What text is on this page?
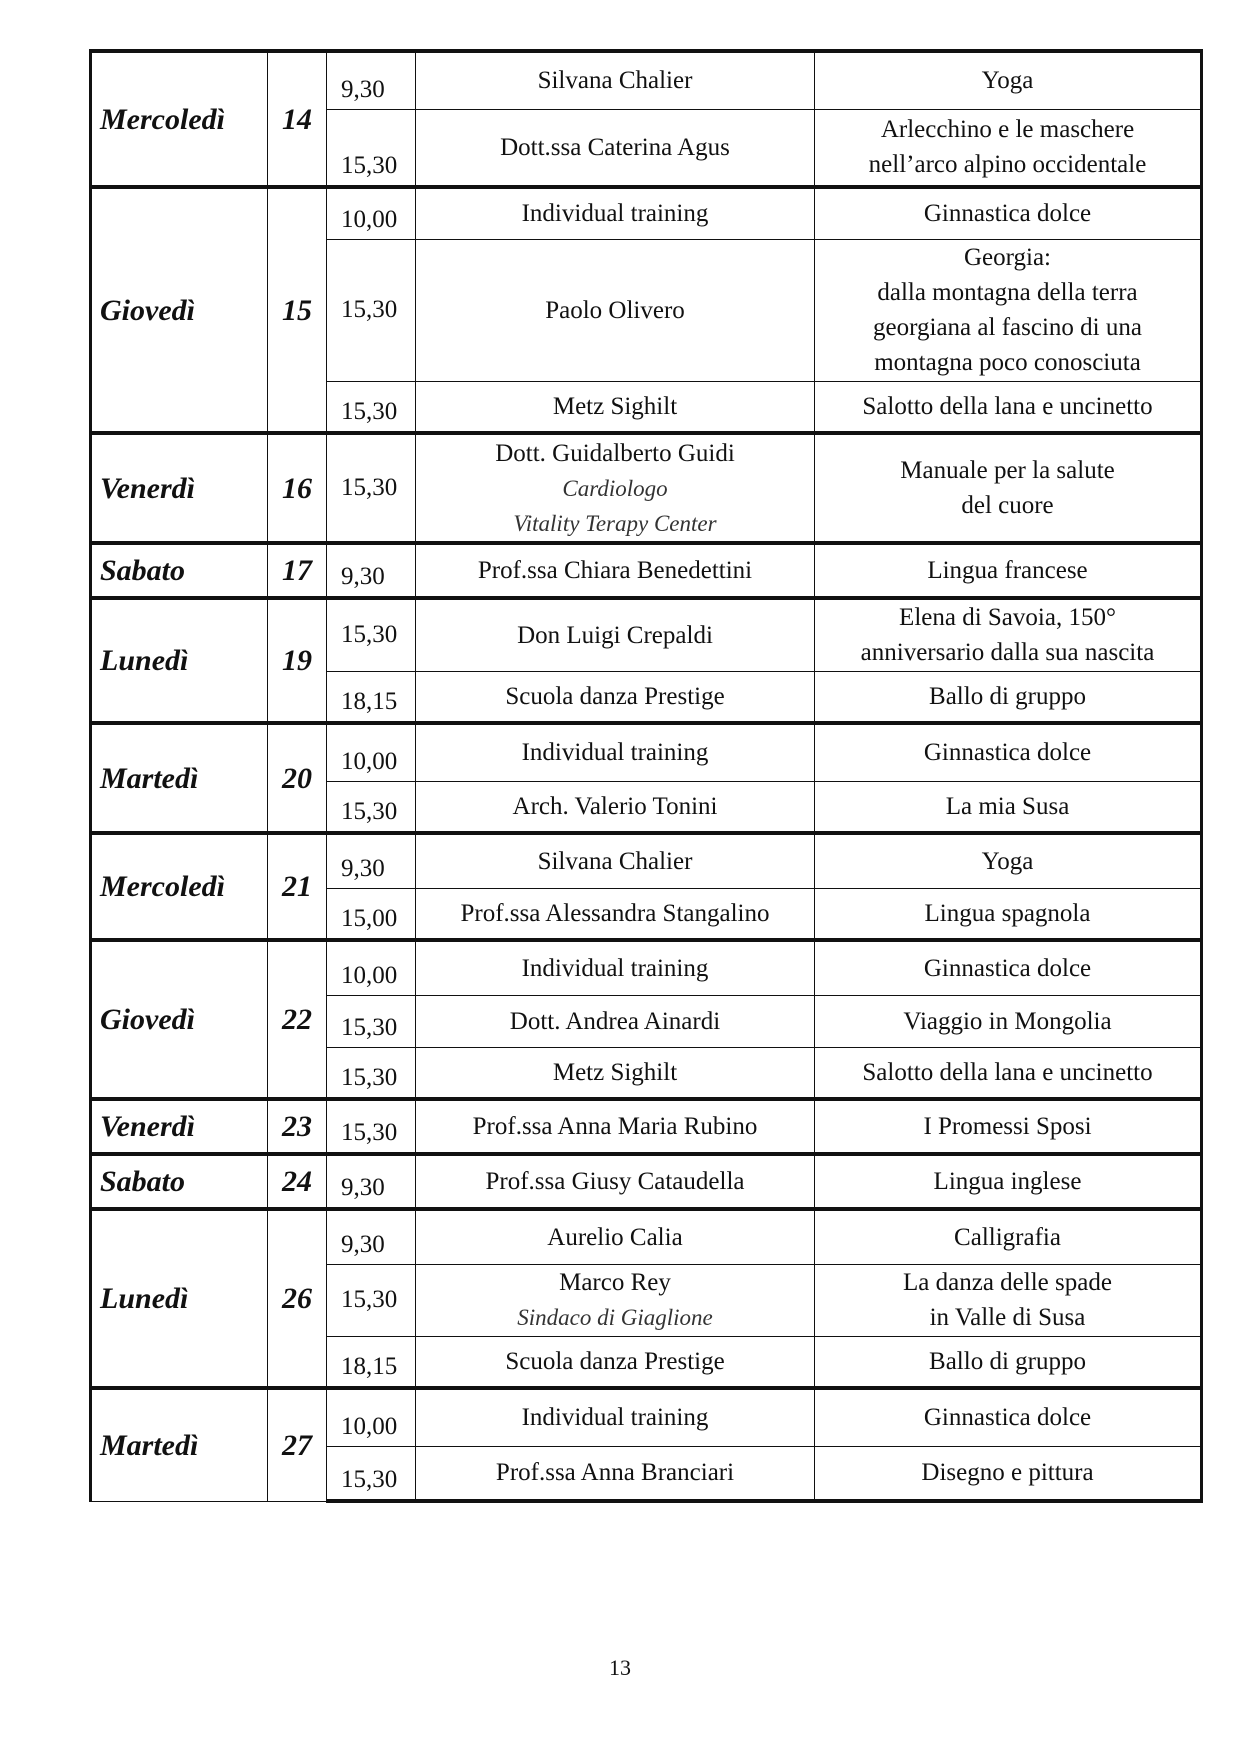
Mercoledì	14	9,30	Silvana Chalier	Yoga

		15,30	Dott.ssa Caterina Agus	Arlecchino e le maschere
nell’arco alpino occidentale

Giovedì	15	10,00	Individual training	Ginnastica dolce

		15,30	Paolo Olivero	Georgia:
dalla montagna della terra
georgiana al fascino di una
montagna poco conosciuta

		15,30	Metz Sighilt	Salotto della lana e uncinetto

Venerdì	16	15,30	Dott. Guidalberto Guidi
Cardiologo
Vitality Terapy Center	Manuale per la salute
del cuore

Sabato	17	9,30	Prof.ssa Chiara Benedettini	Lingua francese

Lunedì	19	15,30	Don Luigi Crepaldi	Elena di Savoia, 150°
anniversario dalla sua nascita

		18,15	Scuola danza Prestige	Ballo di gruppo

Martedì	20	10,00	Individual training	Ginnastica dolce

		15,30	Arch. Valerio Tonini	La mia Susa

Mercoledì	21	9,30	Silvana Chalier	Yoga

		15,00	Prof.ssa Alessandra Stangalino	Lingua spagnola

Giovedì	22	10,00	Individual training	Ginnastica dolce

		15,30	Dott. Andrea Ainardi	Viaggio in Mongolia

		15,30	Metz Sighilt	Salotto della lana e uncinetto

Venerdì	23	15,30	Prof.ssa Anna Maria Rubino	I Promessi Sposi

Sabato	24	9,30	Prof.ssa Giusy Cataudella	Lingua inglese

Lunedì	26	9,30	Aurelio Calia	Calligrafia

		15,30	Marco Rey
Sindaco di Giaglione	La danza delle spade
in Valle di Susa

		18,15	Scuola danza Prestige	Ballo di gruppo

Martedì	27	10,00	Individual training	Ginnastica dolce

		15,30	Prof.ssa Anna Branciari	Disegno e pittura
13
